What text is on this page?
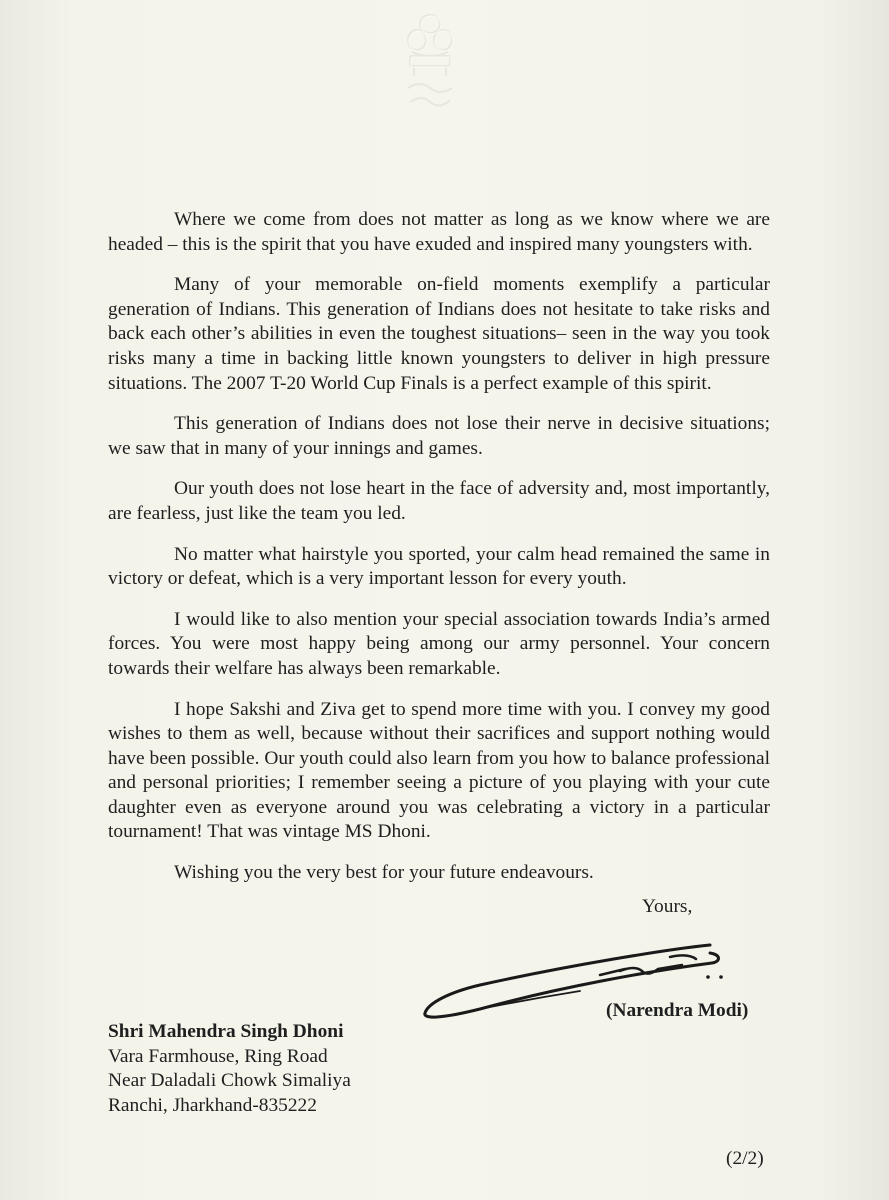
Where we come from does not matter as long as we know where we are headed – this is the spirit that you have exuded and inspired many youngsters with.

Many of your memorable on-field moments exemplify a particular generation of Indians. This generation of Indians does not hesitate to take risks and back each other’s abilities in even the toughest situations– seen in the way you took risks many a time in backing little known youngsters to deliver in high pressure situations. The 2007 T-20 World Cup Finals is a perfect example of this spirit.

This generation of Indians does not lose their nerve in decisive situations; we saw that in many of your innings and games.

Our youth does not lose heart in the face of adversity and, most importantly, are fearless, just like the team you led.

No matter what hairstyle you sported, your calm head remained the same in victory or defeat, which is a very important lesson for every youth.

I would like to also mention your special association towards India’s armed forces. You were most happy being among our army personnel. Your concern towards their welfare has always been remarkable.

I hope Sakshi and Ziva get to spend more time with you. I convey my good wishes to them as well, because without their sacrifices and support nothing would have been possible. Our youth could also learn from you how to balance professional and personal priorities; I remember seeing a picture of you playing with your cute daughter even as everyone around you was celebrating a victory in a particular tournament! That was vintage MS Dhoni.

Wishing you the very best for your future endeavours.

Yours,
(Narendra Modi)
Shri Mahendra Singh Dhoni
Vara Farmhouse, Ring Road
Near Daladali Chowk Simaliya
Ranchi, Jharkhand-835222
(2/2)
